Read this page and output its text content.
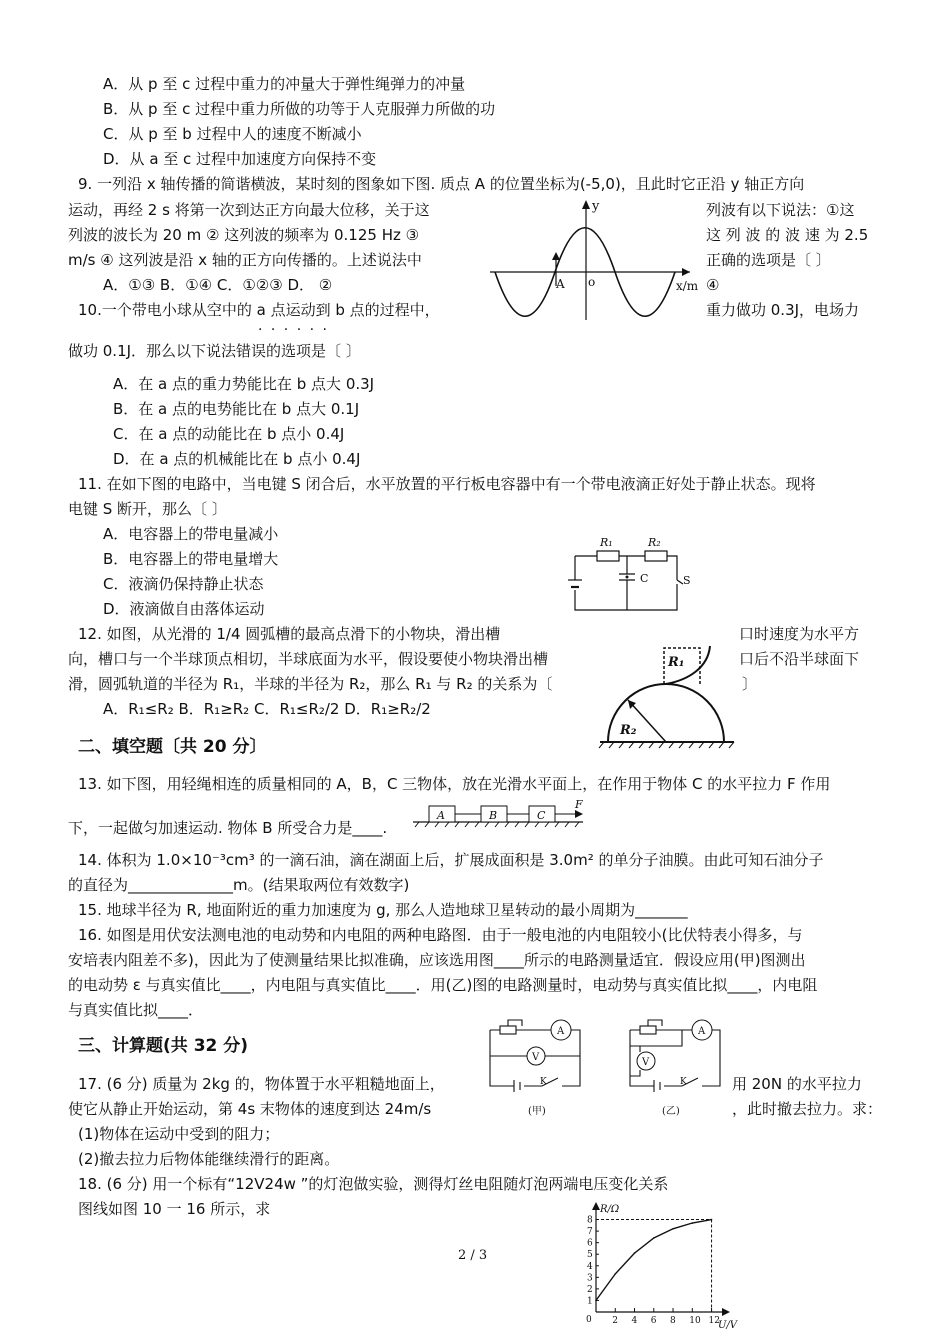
A．从 p 至 c 过程中重力的冲量大于弹性绳弹力的冲量
B．从 p 至 c 过程中重力所做的功等于人克服弹力所做的功
C．从 p 至 b 过程中人的速度不断减小
D．从 a 至 c 过程中加速度方向保持不变
9. 一列沿 x 轴传播的简谐横波，某时刻的图象如下图. 质点 A 的位置坐标为(-5,0)，且此时它正沿 y 轴正方向
运动，再经 2 s 将第一次到达正方向最大位移，关于这	列波有以下说法：①这
列波的波长为 20 m ② 这列波的频率为 0.125 Hz ③	这 列 波 的 波 速 为 2.5
m/s ④ 这列波是沿 x 轴的正方向传播的。上述说法中	正确的选项是〔 〕
A．①③ B．①④ C．①②③ D． ②	④
y
x/m
A o
10.一个带电小球从空中的 a 点运动到 b 点的过程中，	重力做功 0.3J，电场力
· · · · · ·
做功 0.1J．那么以下说法错误的选项是〔 〕
A．在 a 点的重力势能比在 b 点大 0.3J
B．在 a 点的电势能比在 b 点大 0.1J
C．在 a 点的动能比在 b 点小 0.4J
D．在 a 点的机械能比在 b 点小 0.4J
11. 在如下图的电路中，当电键 S 闭合后，水平放置的平行板电容器中有一个带电液滴正好处于静止状态。现将
电键 S 断开，那么〔 〕
A．电容器上的带电量减小
B．电容器上的带电量增大
C．液滴仍保持静止状态
D．液滴做自由落体运动
R₁	R₂
C	S
12. 如图，从光滑的 1/4 圆弧槽的最高点滑下的小物块，滑出槽	口时速度为水平方
向，槽口与一个半球顶点相切，半球底面为水平，假设要使小物块滑出槽	口后不沿半球面下
滑，圆弧轨道的半径为 R₁，半球的半径为 R₂，那么 R₁ 与 R₂ 的关系为〔	〕
A．R₁≤R₂ B．R₁≥R₂ C．R₁≤R₂/2 D．R₁≥R₂/2
R₁
R₂
二、填空题〔共 20 分〕
13. 如下图，用轻绳相连的质量相同的 A，B，C 三物体，放在光滑水平面上，在作用于物体 C 的水平拉力 F 作用
下，一起做匀加速运动. 物体 B 所受合力是____.
A	B	C
F
14. 体积为 1.0×10⁻³cm³ 的一滴石油，滴在湖面上后，扩展成面积是 3.0m² 的单分子油膜。由此可知石油分子
的直径为______________m。(结果取两位有效数字)
15. 地球半径为 R, 地面附近的重力加速度为 g, 那么人造地球卫星转动的最小周期为_______
16. 如图是用伏安法测电池的电动势和内电阻的两种电路图．由于一般电池的内电阻较小(比伏特表小得多，与
安培表内阻差不多)，因此为了使测量结果比拟准确，应该选用图____所示的电路测量适宜．假设应用(甲)图测出
的电动势 ε 与真实值比____，内电阻与真实值比____．用(乙)图的电路测量时，电动势与真实值比拟____，内电阻
与真实值比拟____．
三、计算题(共 32 分)
A
V
K
(甲)
A
V
K
(乙)
17. (6 分) 质量为 2kg 的，物体置于水平粗糙地面上，	用 20N 的水平拉力
使它从静止开始运动，第 4s 末物体的速度到达 24m/s	，此时撤去拉力。求：
(1)物体在运动中受到的阻力；
(2)撤去拉力后物体能继续滑行的距离。
18. (6 分) 用一个标有“12V24w ”的灯泡做实验，测得灯丝电阻随灯泡两端电压变化关系
图线如图 10 一 16 所示，求	R/Ω
U/V
0 2 4 6 8 10 12
1
2
3
4
5
6
7
8
2 / 3
